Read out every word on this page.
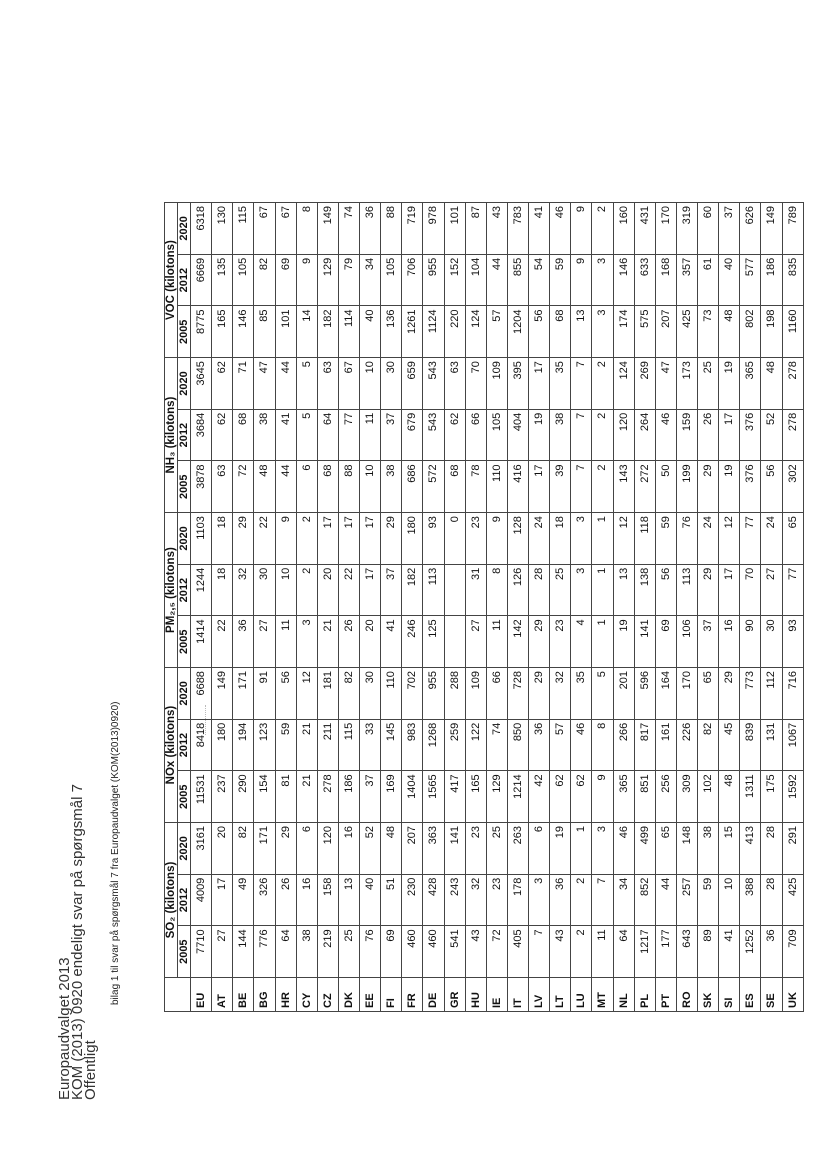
Europaudvalget 2013
KOM (2013) 0920 endeligt svar på spørgsmål 7
Offentligt
bilag 1 til svar på spørgsmål 7 fra Europaudvalget (KOM(2013)0920)
		SO₂ (kilotons)			NOx (kilotons)			PM₂,₅ (kilotons)			NH₃ (kilotons)			VOC (kilotons)		
	2005	2012	2020	2005	2012	2020	2005	2012	2020	2005	2012	2020	2005	2012	2020
EU	7710	4009	3161	11531	8418	6688	1414	1244	1103	3878	3684	3645	8775	6669	6318
AT	27	17	20	237	180	149	22	18	18	63	62	62	165	135	130
BE	144	49	82	290	194	171	36	32	29	72	68	71	146	105	115
BG	776	326	171	154	123	91	27	30	22	48	38	47	85	82	67
HR	64	26	29	81	59	56	11	10	9	44	41	44	101	69	67
CY	38	16	6	21	21	12	3	2	2	6	5	5	14	9	8
CZ	219	158	120	278	211	181	21	20	17	68	64	63	182	129	149
DK	25	13	16	186	115	82	26	22	17	88	77	67	114	79	74
EE	76	40	52	37	33	30	20	17	17	10	11	10	40	34	36
FI	69	51	48	169	145	110	41	37	29	38	37	30	136	105	88
FR	460	230	207	1404	983	702	246	182	180	686	679	659	1261	706	719
DE	460	428	363	1565	1268	955	125	113	93	572	543	543	1124	955	978
GR	541	243	141	417	259	288			0	68	62	63	220	152	101
HU	43	32	23	165	122	109	27	31	23	78	66	70	124	104	87
IE	72	23	25	129	74	66	11	8	9	110	105	109	57	44	43
IT	405	178	263	1214	850	728	142	126	128	416	404	395	1204	855	783
LV	7	3	6	42	36	29	29	28	24	17	19	17	56	54	41
LT	43	36	19	62	57	32	23	25	18	39	38	35	68	59	46
LU	2	2	1	62	46	35	4	3	3	7	7	7	13	9	9
MT	11	7	3	9	8	5	1	1	1	2	2	2	3	3	2
NL	64	34	46	365	266	201	19	13	12	143	120	124	174	146	160
PL	1217	852	499	851	817	596	141	138	118	272	264	269	575	633	431
PT	177	44	65	256	161	164	69	56	59	50	46	47	207	168	170
RO	643	257	148	309	226	170	106	113	76	199	159	173	425	357	319
SK	89	59	38	102	82	65	37	29	24	29	26	25	73	61	60
SI	41	10	15	48	45	29	16	17	12	19	17	19	48	40	37
ES	1252	388	413	1311	839	773	90	70	77	376	376	365	802	577	626
SE	36	28	28	175	131	112	30	27	24	56	52	48	198	186	149
UK	709	425	291	1592	1067	716	93	77	65	302	278	278	1160	835	789
